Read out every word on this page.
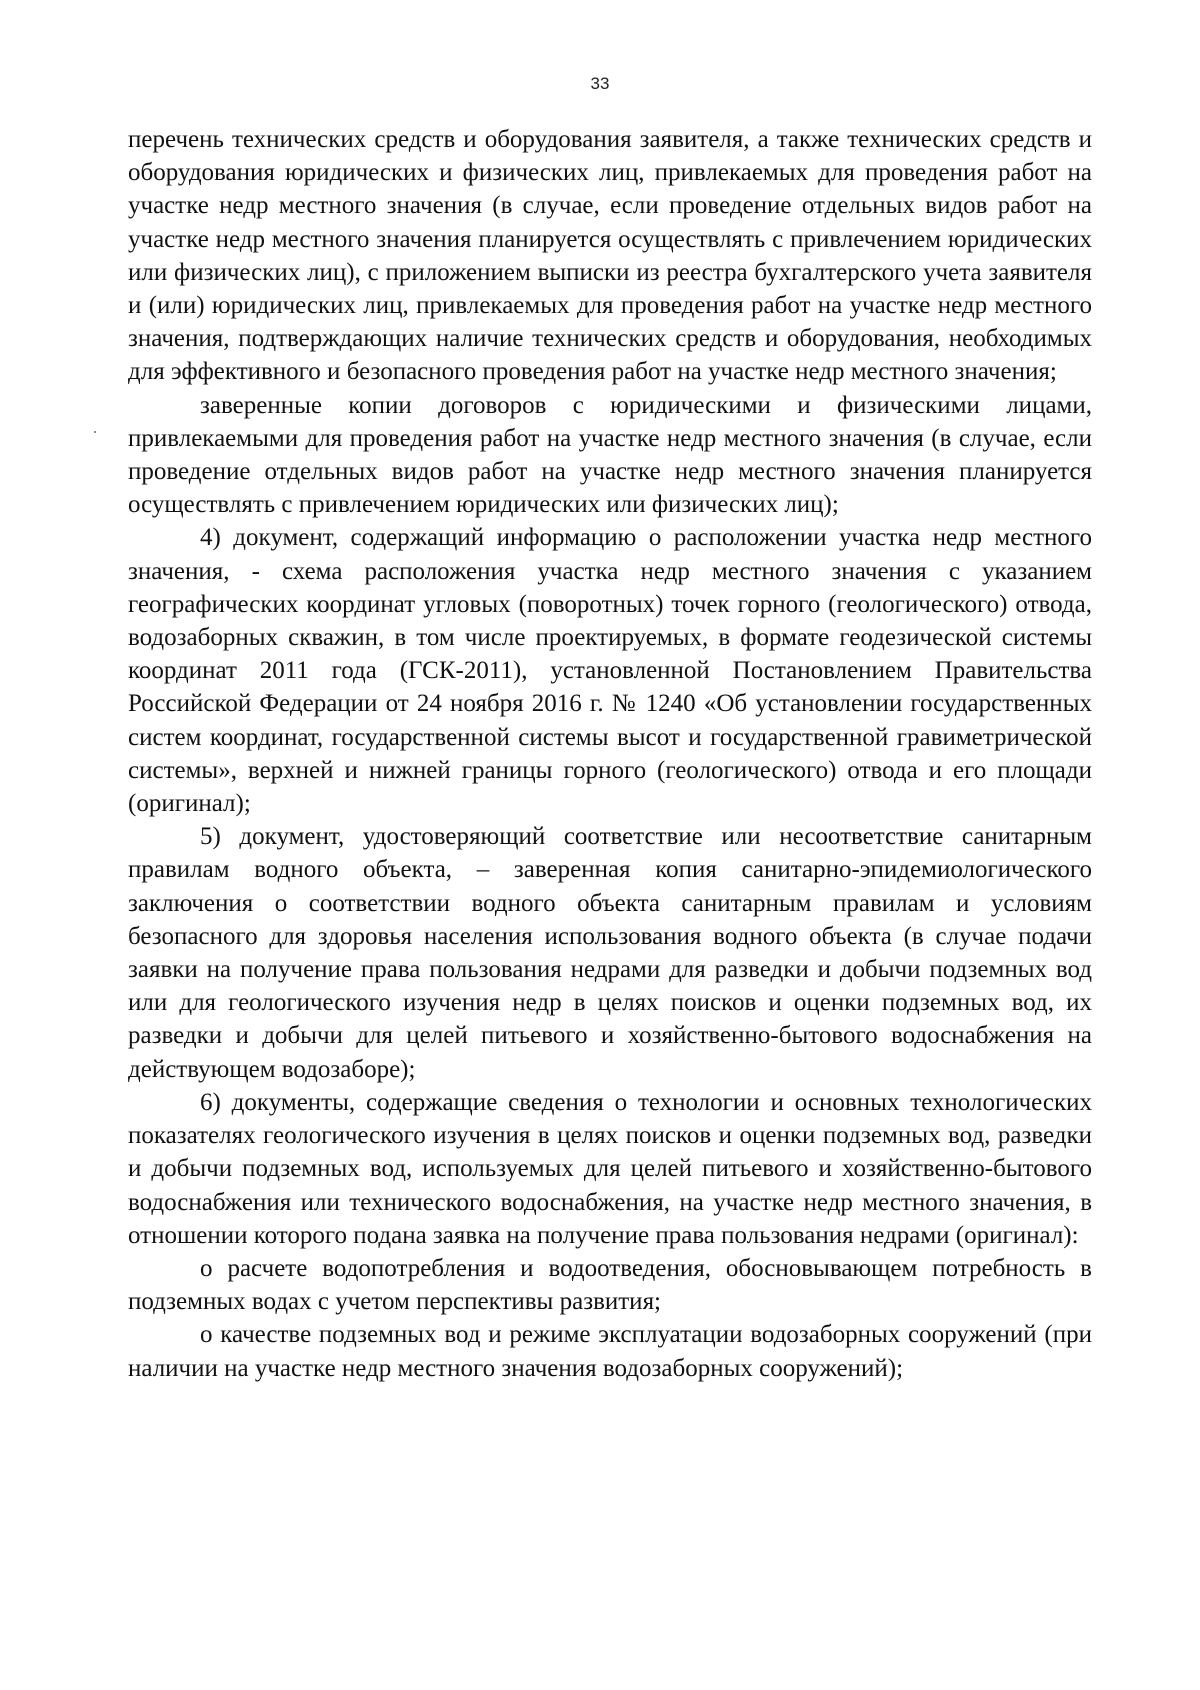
33

перечень технических средств и оборудования заявителя, а также технических средств и оборудования юридических и физических лиц, привлекаемых для проведения работ на участке недр местного значения (в случае, если проведение отдельных видов работ на участке недр местного значения планируется осуществлять с привлечением юридических или физических лиц), с приложением выписки из реестра бухгалтерского учета заявителя и (или) юридических лиц, привлекаемых для проведения работ на участке недр местного значения, подтверждающих наличие технических средств и оборудования, необходимых для эффективного и безопасного проведения работ на участке недр местного значения;

заверенные копии договоров с юридическими и физическими лицами, привлекаемыми для проведения работ на участке недр местного значения (в случае, если проведение отдельных видов работ на участке недр местного значения планируется осуществлять с привлечением юридических или физических лиц);

4) документ, содержащий информацию о расположении участка недр местного значения, - схема расположения участка недр местного значения с указанием географических координат угловых (поворотных) точек горного (геологического) отвода, водозаборных скважин, в том числе проектируемых, в формате геодезической системы координат 2011 года (ГСК-2011), установленной Постановлением Правительства Российской Федерации от 24 ноября 2016 г. № 1240 «Об установлении государственных систем координат, государственной системы высот и государственной гравиметрической системы», верхней и нижней границы горного (геологического) отвода и его площади (оригинал);

5) документ, удостоверяющий соответствие или несоответствие санитарным правилам водного объекта, – заверенная копия санитарно-эпидемиологического заключения о соответствии водного объекта санитарным правилам и условиям безопасного для здоровья населения использования водного объекта (в случае подачи заявки на получение права пользования недрами для разведки и добычи подземных вод или для геологического изучения недр в целях поисков и оценки подземных вод, их разведки и добычи для целей питьевого и хозяйственно-бытового водоснабжения на действующем водозаборе);

6) документы, содержащие сведения о технологии и основных технологических показателях геологического изучения в целях поисков и оценки подземных вод, разведки и добычи подземных вод, используемых для целей питьевого и хозяйственно-бытового водоснабжения или технического водоснабжения, на участке недр местного значения, в отношении которого подана заявка на получение права пользования недрами (оригинал):

о расчете водопотребления и водоотведения, обосновывающем потребность в подземных водах с учетом перспективы развития;

о качестве подземных вод и режиме эксплуатации водозаборных сооружений (при наличии на участке недр местного значения водозаборных сооружений);
